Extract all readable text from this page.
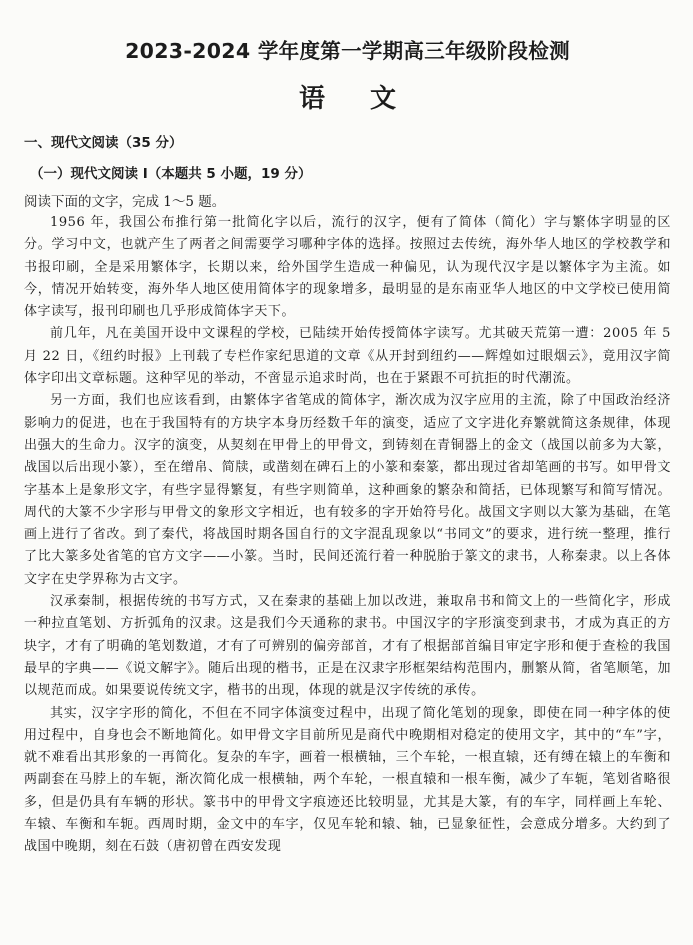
2023-2024 学年度第一学期高三年级阶段检测
语 文
一、现代文阅读（35 分）
（一）现代文阅读 I（本题共 5 小题，19 分）
阅读下面的文字，完成 1～5 题。

1956 年，我国公布推行第一批简化字以后，流行的汉字，便有了简体（简化）字与繁体字明显的区分。学习中文，也就产生了两者之间需要学习哪种字体的选择。按照过去传统，海外华人地区的学校教学和书报印刷，全是采用繁体字，长期以来，给外国学生造成一种偏见，认为现代汉字是以繁体字为主流。如今，情况开始转变，海外华人地区使用简体字的现象增多，最明显的是东南亚华人地区的中文学校已使用简体字读写，报刊印刷也几乎形成简体字天下。

前几年，凡在美国开设中文课程的学校，已陆续开始传授简体字读写。尤其破天荒第一遭：2005 年 5 月 22 日，《纽约时报》上刊载了专栏作家纪思道的文章《从开封到纽约——辉煌如过眼烟云》，竟用汉字简体字印出文章标题。这种罕见的举动，不啻显示追求时尚，也在于紧跟不可抗拒的时代潮流。

另一方面，我们也应该看到，由繁体字省笔成的简体字，渐次成为汉字应用的主流，除了中国政治经济影响力的促进，也在于我国特有的方块字本身历经数千年的演变，适应了文字进化弃繁就简这条规律，体现出强大的生命力。汉字的演变，从契刻在甲骨上的甲骨文，到铸刻在青铜器上的金文（战国以前多为大篆，战国以后出现小篆），至在缯帛、简牍，或凿刻在碑石上的小篆和秦篆，都出现过省却笔画的书写。如甲骨文字基本上是象形文字，有些字显得繁复，有些字则简单，这种画象的繁杂和简括，已体现繁写和简写情况。周代的大篆不少字形与甲骨文的象形文字相近，也有较多的字开始符号化。战国文字则以大篆为基础，在笔画上进行了省改。到了秦代，将战国时期各国自行的文字混乱现象以“书同文”的要求，进行统一整理，推行了比大篆多处省笔的官方文字——小篆。当时，民间还流行着一种脱胎于篆文的隶书，人称秦隶。以上各体文字在史学界称为古文字。

汉承秦制，根据传统的书写方式，又在秦隶的基础上加以改进，兼取帛书和简文上的一些简化字，形成一种拉直笔划、方折弧角的汉隶。这是我们今天通称的隶书。中国汉字的字形演变到隶书，才成为真正的方块字，才有了明确的笔划数道，才有了可辨别的偏旁部首，才有了根据部首编目审定字形和便于查检的我国最早的字典——《说文解字》。随后出现的楷书，正是在汉隶字形框架结构范围内，删繁从简，省笔顺笔，加以规范而成。如果要说传统文字，楷书的出现，体现的就是汉字传统的承传。

其实，汉字字形的简化，不但在不同字体演变过程中，出现了简化笔划的现象，即使在同一种字体的使用过程中，自身也会不断地简化。如甲骨文字目前所见是商代中晚期相对稳定的使用文字，其中的“车”字，就不难看出其形象的一再简化。复杂的车字，画着一根横轴，三个车轮，一根直辕，还有缚在辕上的车衡和两副套在马脖上的车轭，渐次简化成一根横轴，两个车轮，一根直辕和一根车衡，减少了车轭，笔划省略很多，但是仍具有车辆的形状。篆书中的甲骨文字痕迹还比较明显，尤其是大篆，有的车字，同样画上车轮、车辕、车衡和车轭。西周时期，金文中的车字，仅见车轮和辕、轴，已显象征性，会意成分增多。大约到了战国中晚期，刻在石鼓（唐初曾在西安发现
